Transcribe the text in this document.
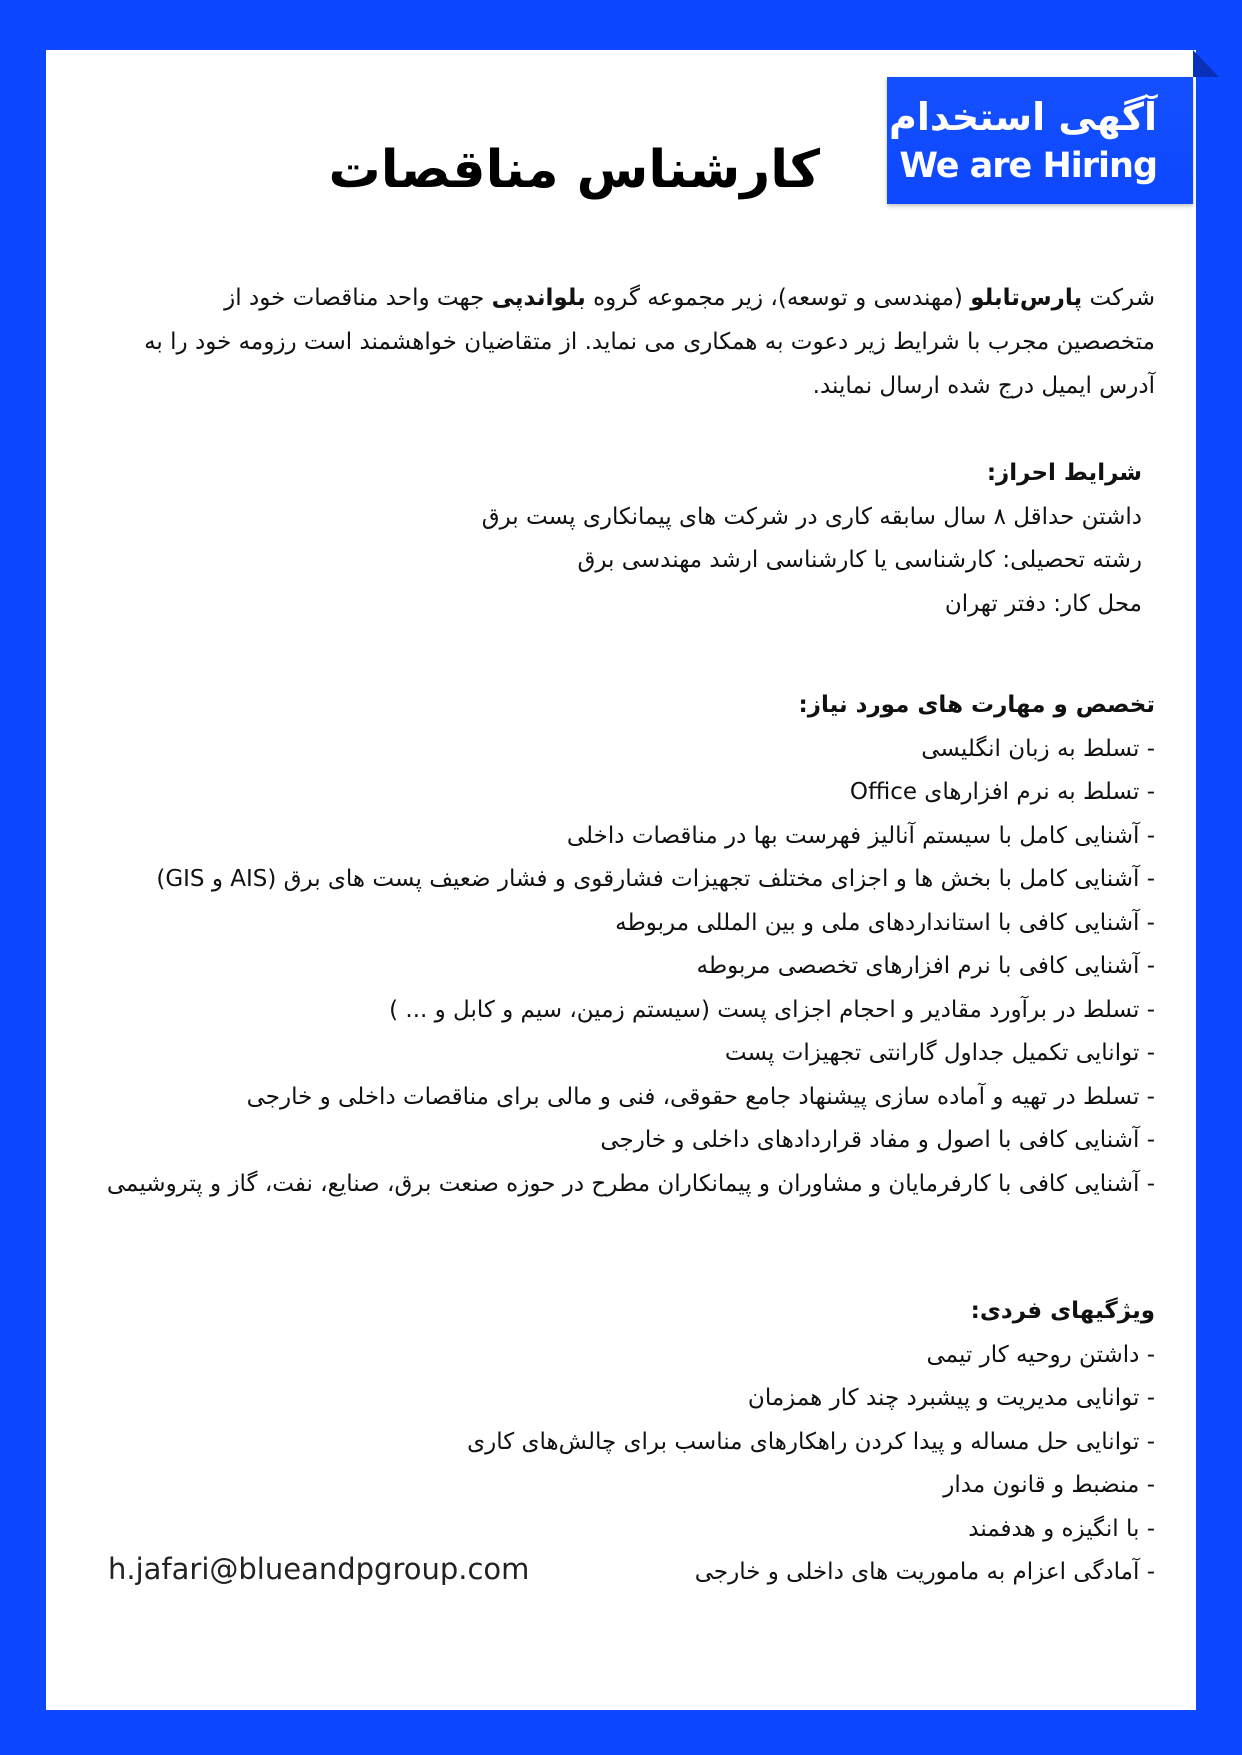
آگهی استخدام
We are Hiring
کارشناس مناقصات
شرکت پارس‌تابلو (مهندسی و توسعه)، زیر مجموعه گروه بلواندپی جهت واحد مناقصات خود از متخصصین مجرب با شرایط زیر دعوت به همکاری می نماید. از متقاضیان خواهشمند است رزومه خود را به آدرس ایمیل درج شده ارسال نمایند.
شرایط احراز:
داشتن حداقل ۸ سال سابقه کاری در شرکت های پیمانکاری پست برق
رشته تحصیلی: کارشناسی یا کارشناسی ارشد مهندسی برق
محل کار: دفتر تهران
تخصص و مهارت های مورد نیاز:
- تسلط به زبان انگلیسی
- تسلط به نرم افزارهای Office
- آشنایی کامل با سیستم آنالیز فهرست بها در مناقصات داخلی
- آشنایی کامل با بخش ها و اجزای مختلف تجهیزات فشارقوی و فشار ضعیف پست های برق (AIS و GIS)
- آشنایی کافی با استانداردهای ملی و بین المللی مربوطه
- آشنایی کافی با نرم افزارهای تخصصی مربوطه
- تسلط در برآورد مقادیر و احجام اجزای پست (سیستم زمین، سیم و کابل و ... )
- توانایی تکمیل جداول گارانتی تجهیزات پست
- تسلط در تهیه و آماده سازی پیشنهاد جامع حقوقی، فنی و مالی برای مناقصات داخلی و خارجی
- آشنایی کافی با اصول و مفاد قراردادهای داخلی و خارجی
- آشنایی کافی با کارفرمایان و مشاوران و پیمانکاران مطرح در حوزه صنعت برق، صنایع، نفت، گاز و پتروشیمی
ویژگیهای فردی:
- داشتن روحیه کار تیمی
- توانایی مدیریت و پیشبرد چند کار همزمان
- توانایی حل مساله و پیدا کردن راهکارهای مناسب برای چالش‌های کاری
- منضبط و قانون مدار
- با انگیزه و هدفمند
- آمادگی اعزام به ماموریت های داخلی و خارجی
h.jafari@blueandpgroup.com
